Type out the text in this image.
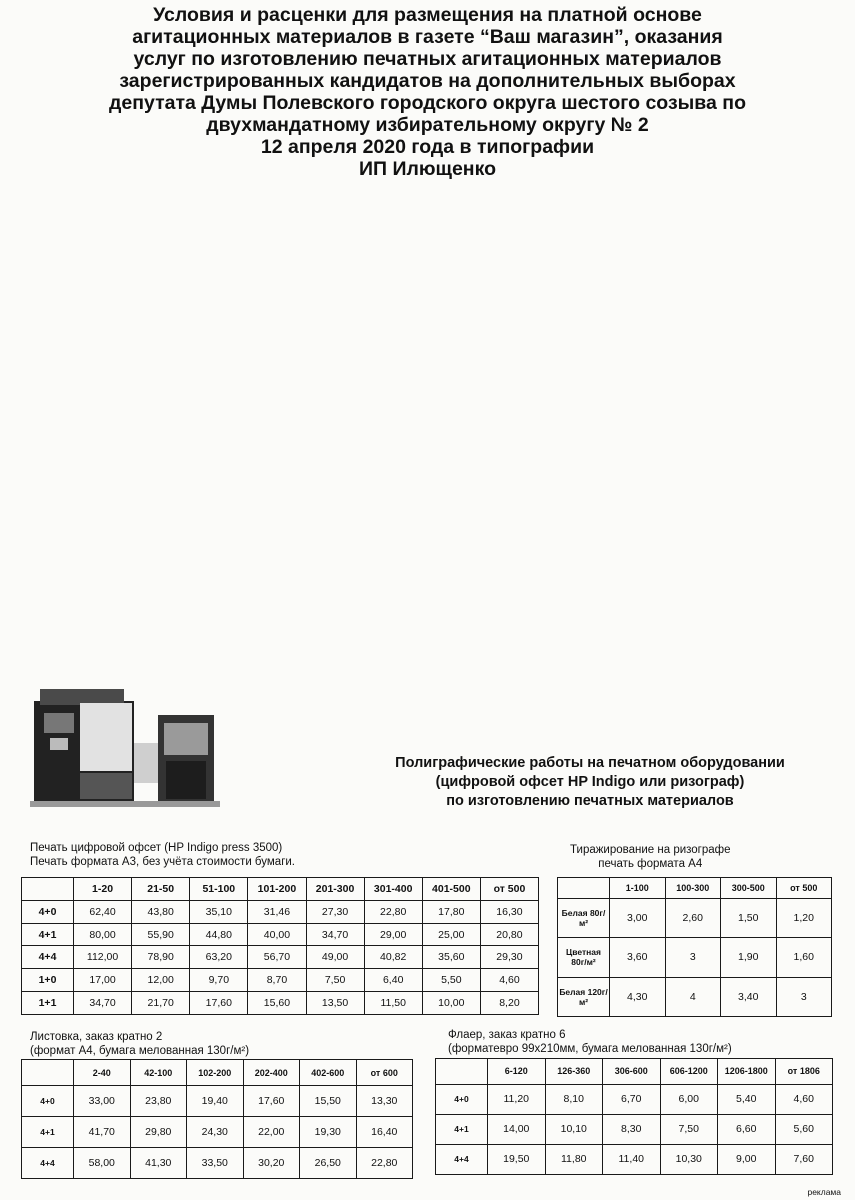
Условия и расценки для размещения на платной основе
агитационных материалов в газете “Ваш магазин”, оказания
услуг по изготовлению печатных агитационных материалов
зарегистрированных кандидатов на дополнительных выборах
депутата Думы Полевского городского округа шестого созыва по
двухмандатному избирательному округу № 2
12 апреля 2020 года в типографии
ИП Илющенко
Полиграфические работы на печатном оборудовании
(цифровой офсет HP Indigo или ризограф)
по изготовлению печатных материалов
Печать цифровой офсет (HP Indigo press 3500)
Печать формата А3, без учёта стоимости бумаги.
	1-20	21-50	51-100	101-200	201-300	301-400	401-500	от 500
4+0	62,40	43,80	35,10	31,46	27,30	22,80	17,80	16,30
4+1	80,00	55,90	44,80	40,00	34,70	29,00	25,00	20,80
4+4	112,00	78,90	63,20	56,70	49,00	40,82	35,60	29,30
1+0	17,00	12,00	9,70	8,70	7,50	6,40	5,50	4,60
1+1	34,70	21,70	17,60	15,60	13,50	11,50	10,00	8,20
Тиражирование на ризографе
печать формата А4
	1-100	100-300	300-500	от 500
Белая 80г/м²	3,00	2,60	1,50	1,20
Цветная 80г/м²	3,60	3	1,90	1,60
Белая 120г/м²	4,30	4	3,40	3
Листовка, заказ кратно 2
(формат А4, бумага мелованная 130г/м²)
	2-40	42-100	102-200	202-400	402-600	от 600
4+0	33,00	23,80	19,40	17,60	15,50	13,30
4+1	41,70	29,80	24,30	22,00	19,30	16,40
4+4	58,00	41,30	33,50	30,20	26,50	22,80
Флаер, заказ кратно 6
(форматевро 99х210мм, бумага мелованная 130г/м²)
	6-120	126-360	306-600	606-1200	1206-1800	от 1806
4+0	11,20	8,10	6,70	6,00	5,40	4,60
4+1	14,00	10,10	8,30	7,50	6,60	5,60
4+4	19,50	11,80	11,40	10,30	9,00	7,60
реклама
